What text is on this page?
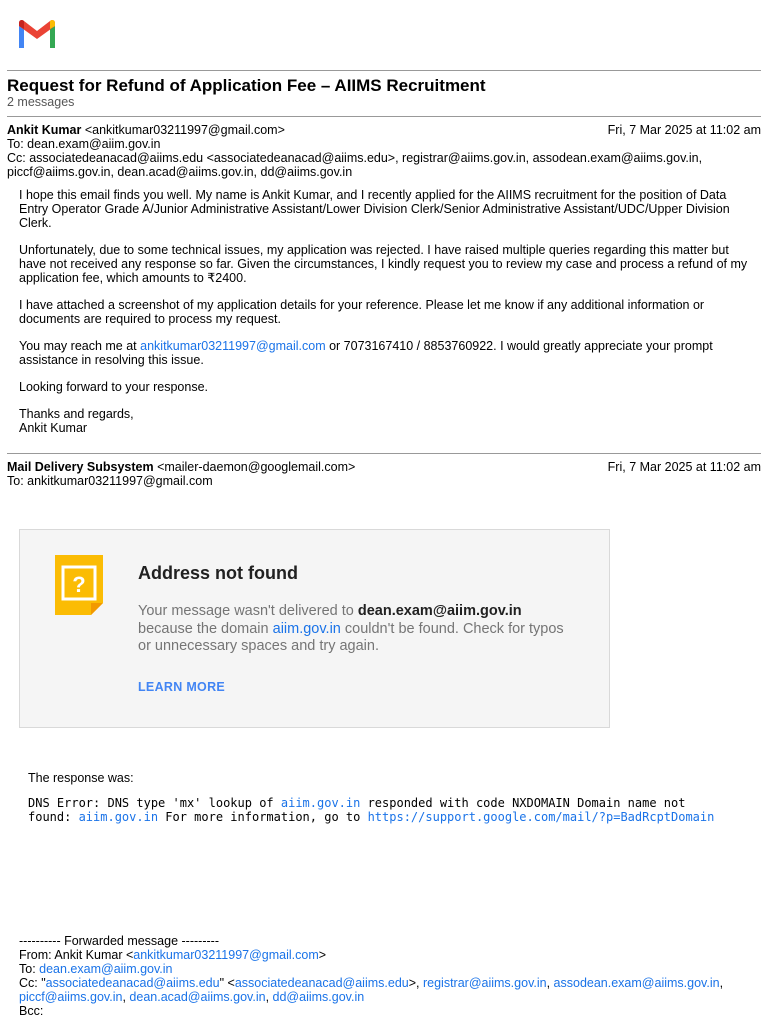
Request for Refund of Application Fee – AIIMS Recruitment
2 messages
Ankit Kumar <ankitkumar03211997@gmail.com>	Fri, 7 Mar 2025 at 11:02 am
To: dean.exam@aiim.gov.in
Cc: associatedeanacad@aiims.edu <associatedeanacad@aiims.edu>, registrar@aiims.gov.in, assodean.exam@aiims.gov.in,
piccf@aiims.gov.in, dean.acad@aiims.gov.in, dd@aiims.gov.in

I hope this email finds you well. My name is Ankit Kumar, and I recently applied for the AIIMS recruitment for the position of Data Entry Operator Grade A/Junior Administrative Assistant/Lower Division Clerk/Senior Administrative Assistant/UDC/Upper Division Clerk.

Unfortunately, due to some technical issues, my application was rejected. I have raised multiple queries regarding this matter but have not received any response so far. Given the circumstances, I kindly request you to review my case and process a refund of my application fee, which amounts to ₹2400.

I have attached a screenshot of my application details for your reference. Please let me know if any additional information or documents are required to process my request.

You may reach me at ankitkumar03211997@gmail.com or 7073167410 / 8853760922. I would greatly appreciate your prompt assistance in resolving this issue.

Looking forward to your response.

Thanks and regards,
Ankit Kumar
Mail Delivery Subsystem <mailer-daemon@googlemail.com>	Fri, 7 Mar 2025 at 11:02 am
To: ankitkumar03211997@gmail.com
?	Address not found
Your message wasn't delivered to dean.exam@aiim.gov.in because the domain aiim.gov.in couldn't be found. Check for typos or unnecessary spaces and try again.
LEARN MORE
The response was:
DNS Error: DNS type 'mx' lookup of aiim.gov.in responded with code NXDOMAIN Domain name not found: aiim.gov.in For more information, go to https://support.google.com/mail/?p=BadRcptDomain
---------- Forwarded message ---------
From: Ankit Kumar <ankitkumar03211997@gmail.com>
To: dean.exam@aiim.gov.in
Cc: "associatedeanacad@aiims.edu" <associatedeanacad@aiims.edu>, registrar@aiims.gov.in, assodean.exam@aiims.gov.in,
piccf@aiims.gov.in, dean.acad@aiims.gov.in, dd@aiims.gov.in
Bcc:
